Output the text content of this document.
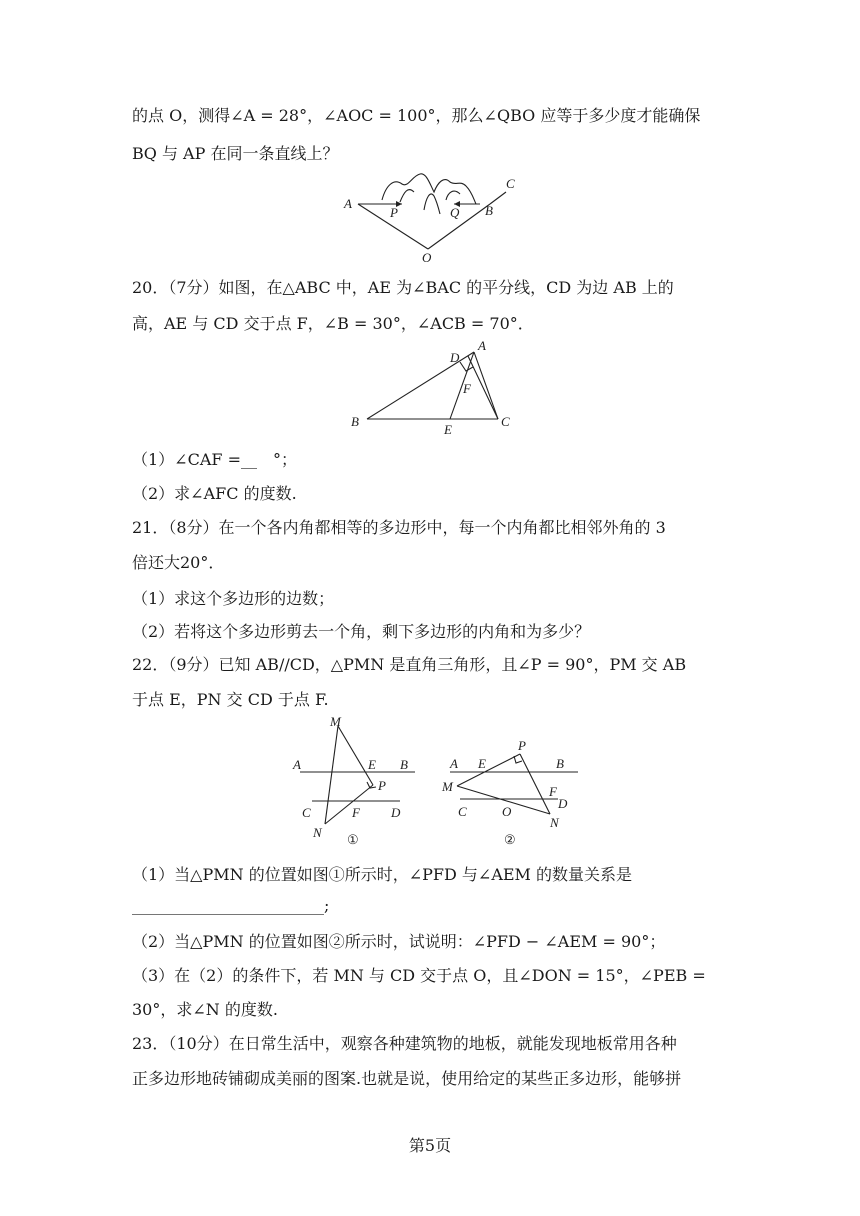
的点 O，测得∠A = 28°，∠AOC = 100°，那么∠QBO 应等于多少度才能确保
BQ 与 AP 在同一条直线上？
A
P	Q B
C
O
20．（7分）如图，在△ABC 中，AE 为∠BAC 的平分线，CD 为边 AB 上的
高，AE 与 CD 交于点 F，∠B = 30°，∠ACB = 70°．
A
D
F
B
E
C
（1）∠CAF =__　°；
（2）求∠AFC 的度数.
21．（8分）在一个各内角都相等的多边形中，每一个内角都比相邻外角的 3
倍还大20°．
（1）求这个多边形的边数；
（2）若将这个多边形剪去一个角，剩下多边形的内角和为多少？
22．（9分）已知 AB//CD，△PMN 是直角三角形，且∠P = 90°，PM 交 AB
于点 E，PN 交 CD 于点 F.
M
A	E B
P
C	F D
N ①
P
A E	B
M	F
D
C	O
N
②
（1）当△PMN 的位置如图①所示时，∠PFD 与∠AEM 的数量关系是
________________________;
（2）当△PMN 的位置如图②所示时，试说明：∠PFD − ∠AEM = 90°；
（3）在（2）的条件下，若 MN 与 CD 交于点 O，且∠DON = 15°，∠PEB =
30°，求∠N 的度数.
23．（10分）在日常生活中，观察各种建筑物的地板，就能发现地板常用各种
正多边形地砖铺砌成美丽的图案.也就是说，使用给定的某些正多边形，能够拼
第5页
